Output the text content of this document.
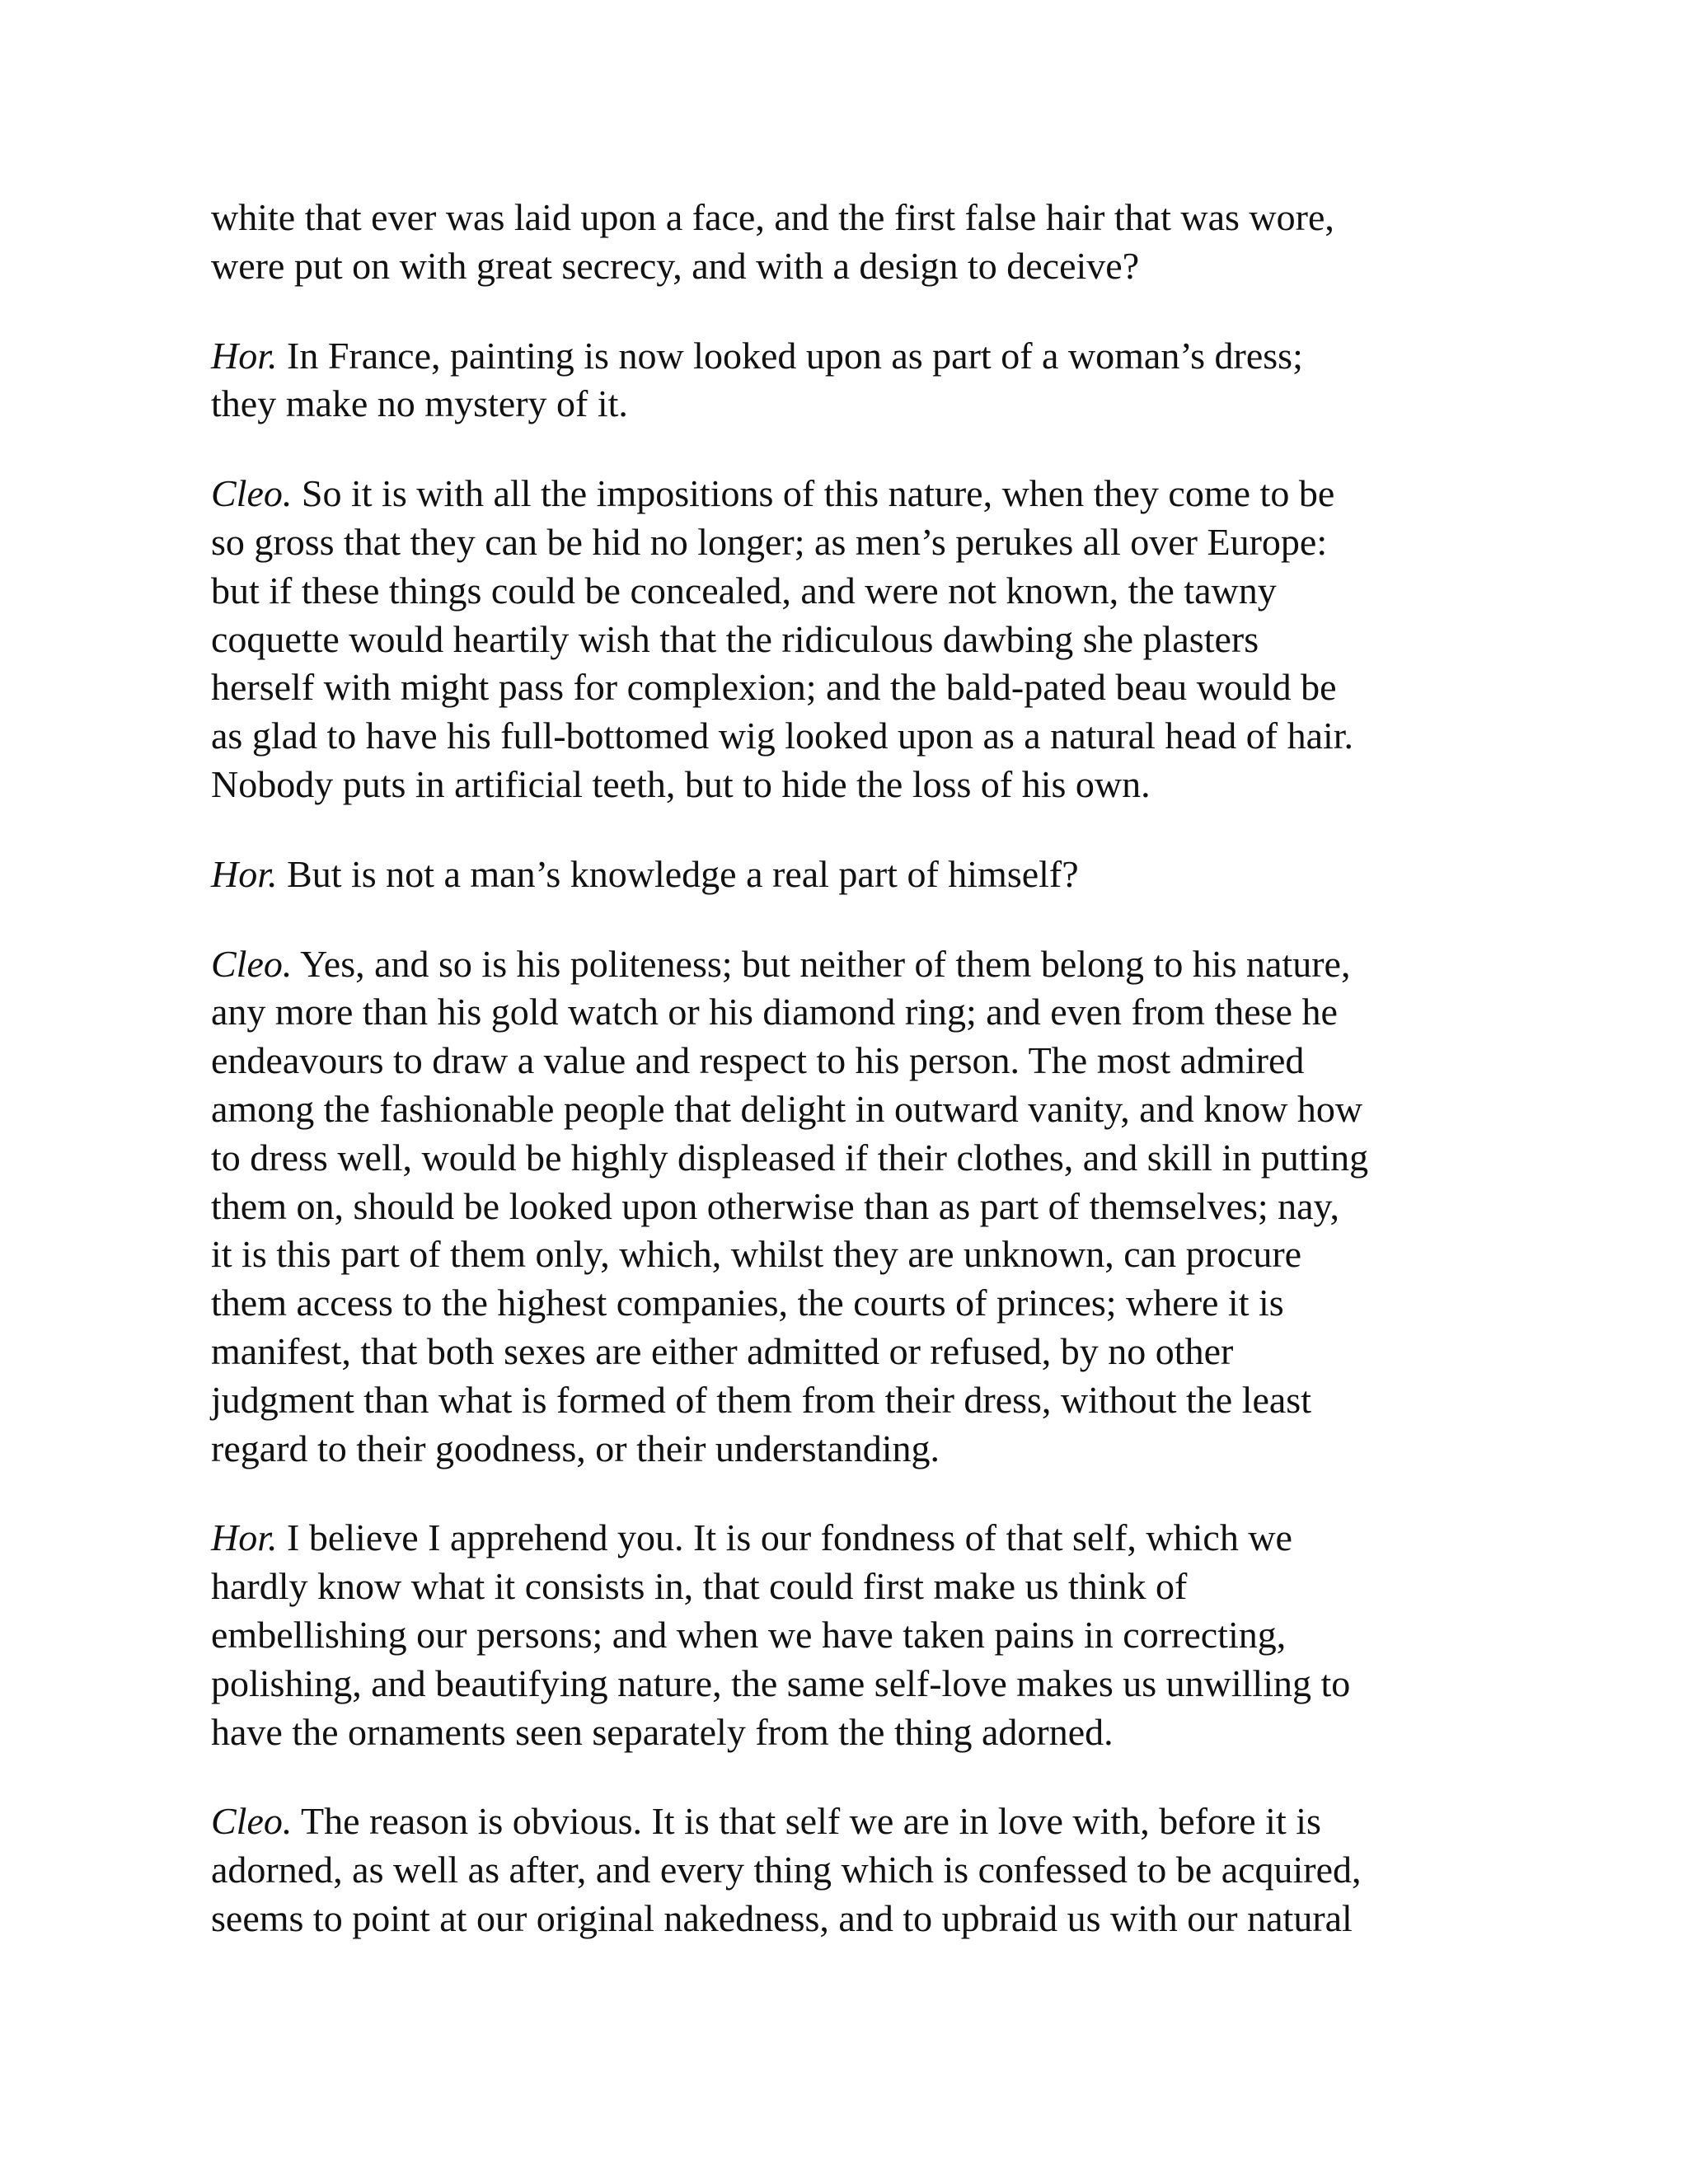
white that ever was laid upon a face, and the first false hair that was wore,
were put on with great secrecy, and with a design to deceive?

Hor. In France, painting is now looked upon as part of a woman’s dress;
they make no mystery of it.

Cleo. So it is with all the impositions of this nature, when they come to be
so gross that they can be hid no longer; as men’s perukes all over Europe:
but if these things could be concealed, and were not known, the tawny
coquette would heartily wish that the ridiculous dawbing she plasters
herself with might pass for complexion; and the bald-pated beau would be
as glad to have his full-bottomed wig looked upon as a natural head of hair.
Nobody puts in artificial teeth, but to hide the loss of his own.

Hor. But is not a man’s knowledge a real part of himself?

Cleo. Yes, and so is his politeness; but neither of them belong to his nature,
any more than his gold watch or his diamond ring; and even from these he
endeavours to draw a value and respect to his person. The most admired
among the fashionable people that delight in outward vanity, and know how
to dress well, would be highly displeased if their clothes, and skill in putting
them on, should be looked upon otherwise than as part of themselves; nay,
it is this part of them only, which, whilst they are unknown, can procure
them access to the highest companies, the courts of princes; where it is
manifest, that both sexes are either admitted or refused, by no other
judgment than what is formed of them from their dress, without the least
regard to their goodness, or their understanding.

Hor. I believe I apprehend you. It is our fondness of that self, which we
hardly know what it consists in, that could first make us think of
embellishing our persons; and when we have taken pains in correcting,
polishing, and beautifying nature, the same self-love makes us unwilling to
have the ornaments seen separately from the thing adorned.

Cleo. The reason is obvious. It is that self we are in love with, before it is
adorned, as well as after, and every thing which is confessed to be acquired,
seems to point at our original nakedness, and to upbraid us with our natural
